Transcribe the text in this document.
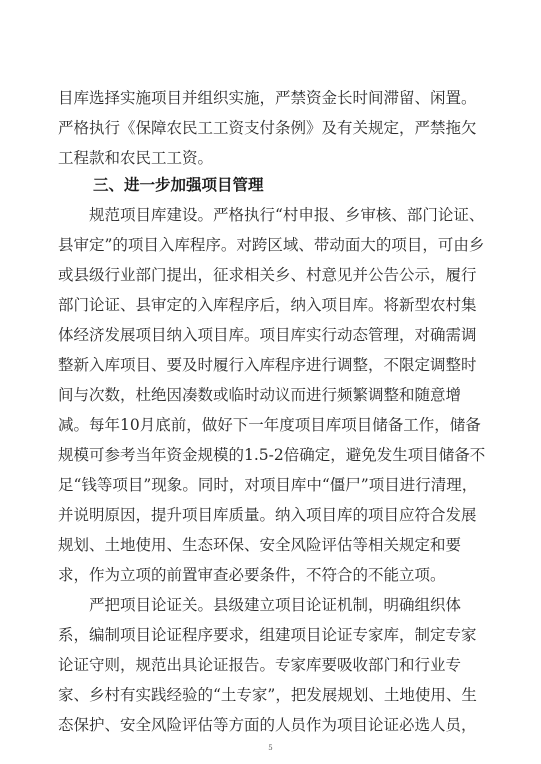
目库选择实施项目并组织实施，严禁资金长时间滞留、闲置。
严格执行《保障农民工工资支付条例》及有关规定，严禁拖欠
工程款和农民工工资。
三、进一步加强项目管理
　　规范项目库建设。严格执行“村申报、乡审核、部门论证、
县审定”的项目入库程序。对跨区域、带动面大的项目，可由乡
或县级行业部门提出，征求相关乡、村意见并公告公示，履行
部门论证、县审定的入库程序后，纳入项目库。将新型农村集
体经济发展项目纳入项目库。项目库实行动态管理，对确需调
整新入库项目、要及时履行入库程序进行调整，不限定调整时
间与次数，杜绝因凑数或临时动议而进行频繁调整和随意增
减。每年10月底前，做好下一年度项目库项目储备工作，储备
规模可参考当年资金规模的1.5-2倍确定，避免发生项目储备不
足“钱等项目”现象。同时，对项目库中“僵尸”项目进行清理，
并说明原因，提升项目库质量。纳入项目库的项目应符合发展
规划、土地使用、生态环保、安全风险评估等相关规定和要
求，作为立项的前置审查必要条件，不符合的不能立项。
　　严把项目论证关。县级建立项目论证机制，明确组织体
系，编制项目论证程序要求，组建项目论证专家库，制定专家
论证守则，规范出具论证报告。专家库要吸收部门和行业专
家、乡村有实践经验的“土专家”，把发展规划、土地使用、生
态保护、安全风险评估等方面的人员作为项目论证必选人员，
5
